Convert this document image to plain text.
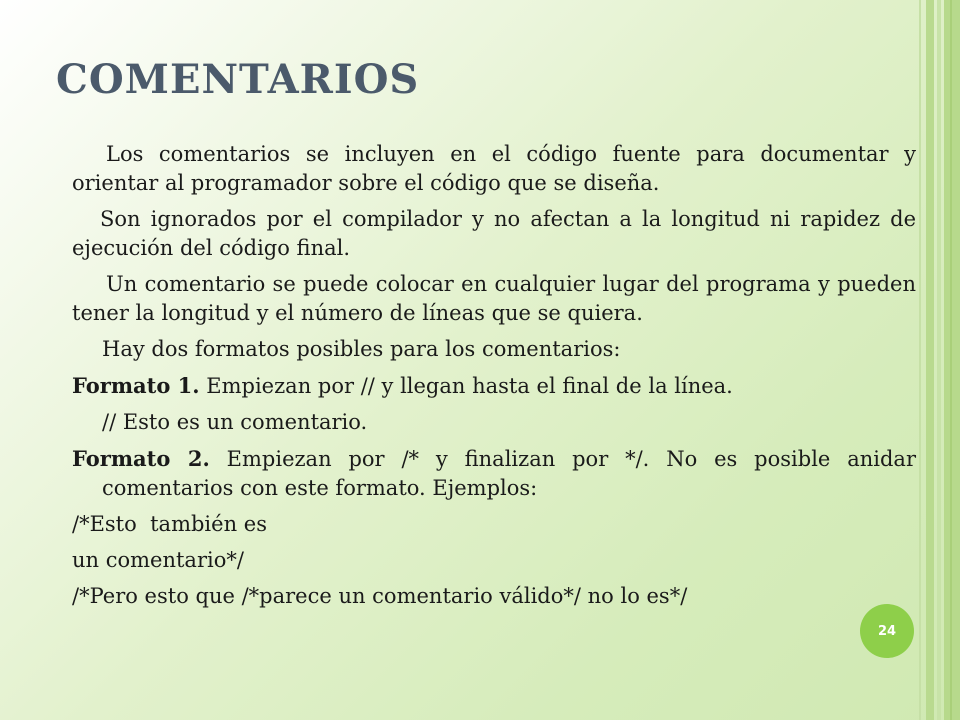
COMENTARIOS

Los comentarios se incluyen en el código fuente para documentar y orientar al programador sobre el código que se diseña.

Son ignorados por el compilador y no afectan a la longitud ni rapidez de ejecución del código final.

Un comentario se puede colocar en cualquier lugar del programa y pueden tener la longitud y el número de líneas que se quiera.

Hay dos formatos posibles para los comentarios:

Formato 1. Empiezan por // y llegan hasta el final de la línea.

// Esto es un comentario.

Formato 2. Empiezan por /* y finalizan por */. No es posible anidar comentarios con este formato. Ejemplos:

/*Esto  también es

un comentario*/

/*Pero esto que /*parece un comentario válido*/ no lo es*/

24
